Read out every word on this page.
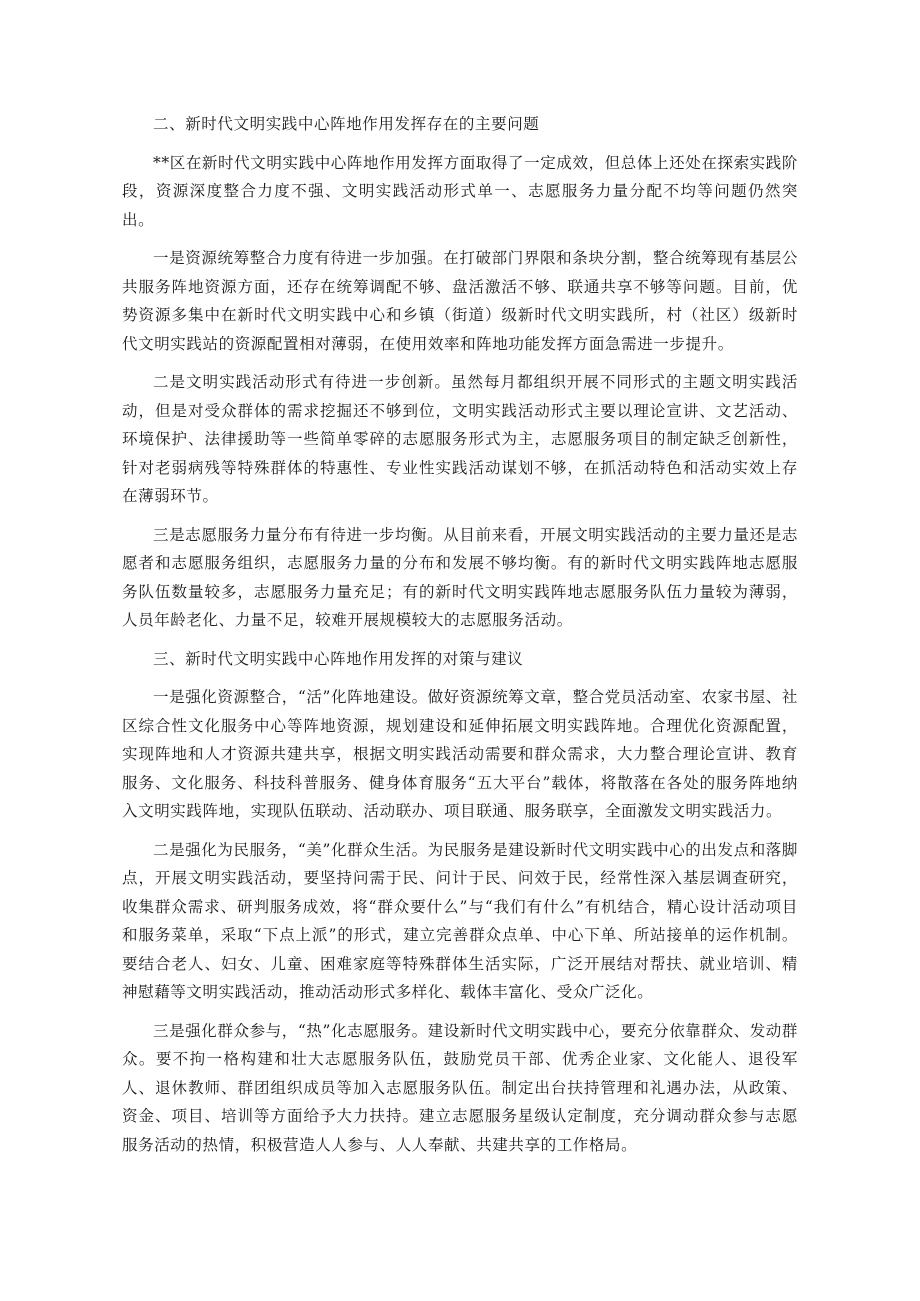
二、新时代文明实践中心阵地作用发挥存在的主要问题

**区在新时代文明实践中心阵地作用发挥方面取得了一定成效，但总体上还处在探索实践阶段，资源深度整合力度不强、文明实践活动形式单一、志愿服务力量分配不均等问题仍然突出。

一是资源统筹整合力度有待进一步加强。在打破部门界限和条块分割，整合统筹现有基层公共服务阵地资源方面，还存在统筹调配不够、盘活激活不够、联通共享不够等问题。目前，优势资源多集中在新时代文明实践中心和乡镇（街道）级新时代文明实践所，村（社区）级新时代文明实践站的资源配置相对薄弱，在使用效率和阵地功能发挥方面急需进一步提升。

二是文明实践活动形式有待进一步创新。虽然每月都组织开展不同形式的主题文明实践活动，但是对受众群体的需求挖掘还不够到位，文明实践活动形式主要以理论宣讲、文艺活动、环境保护、法律援助等一些简单零碎的志愿服务形式为主，志愿服务项目的制定缺乏创新性，针对老弱病残等特殊群体的特惠性、专业性实践活动谋划不够，在抓活动特色和活动实效上存在薄弱环节。

三是志愿服务力量分布有待进一步均衡。从目前来看，开展文明实践活动的主要力量还是志愿者和志愿服务组织，志愿服务力量的分布和发展不够均衡。有的新时代文明实践阵地志愿服务队伍数量较多，志愿服务力量充足；有的新时代文明实践阵地志愿服务队伍力量较为薄弱，人员年龄老化、力量不足，较难开展规模较大的志愿服务活动。

三、新时代文明实践中心阵地作用发挥的对策与建议

一是强化资源整合，“活”化阵地建设。做好资源统筹文章，整合党员活动室、农家书屋、社区综合性文化服务中心等阵地资源，规划建设和延伸拓展文明实践阵地。合理优化资源配置，实现阵地和人才资源共建共享，根据文明实践活动需要和群众需求，大力整合理论宣讲、教育服务、文化服务、科技科普服务、健身体育服务“五大平台”载体，将散落在各处的服务阵地纳入文明实践阵地，实现队伍联动、活动联办、项目联通、服务联享，全面激发文明实践活力。

二是强化为民服务，“美”化群众生活。为民服务是建设新时代文明实践中心的出发点和落脚点，开展文明实践活动，要坚持问需于民、问计于民、问效于民，经常性深入基层调查研究，收集群众需求、研判服务成效，将“群众要什么”与“我们有什么”有机结合，精心设计活动项目和服务菜单，采取“下点上派”的形式，建立完善群众点单、中心下单、所站接单的运作机制。要结合老人、妇女、儿童、困难家庭等特殊群体生活实际，广泛开展结对帮扶、就业培训、精神慰藉等文明实践活动，推动活动形式多样化、载体丰富化、受众广泛化。

三是强化群众参与，“热”化志愿服务。建设新时代文明实践中心，要充分依靠群众、发动群众。要不拘一格构建和壮大志愿服务队伍，鼓励党员干部、优秀企业家、文化能人、退役军人、退休教师、群团组织成员等加入志愿服务队伍。制定出台扶持管理和礼遇办法，从政策、资金、项目、培训等方面给予大力扶持。建立志愿服务星级认定制度，充分调动群众参与志愿服务活动的热情，积极营造人人参与、人人奉献、共建共享的工作格局。
